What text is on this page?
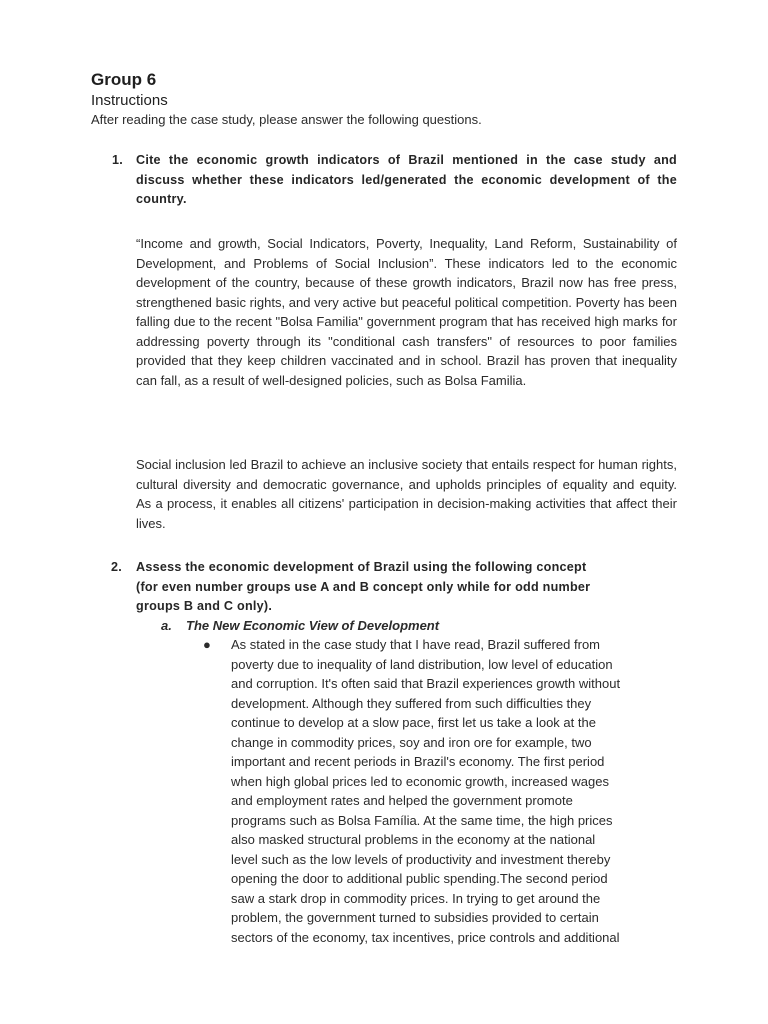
Group 6
Instructions
After reading the case study, please answer the following questions.
1. Cite the economic growth indicators of Brazil mentioned in the case study and discuss whether these indicators led/generated the economic development of the country.

“Income and growth, Social Indicators, Poverty, Inequality, Land Reform, Sustainability of Development, and Problems of Social Inclusion”. These indicators led to the economic development of the country, because of these growth indicators, Brazil now has free press, strengthened basic rights, and very active but peaceful political competition. Poverty has been falling due to the recent "Bolsa Familia" government program that has received high marks for addressing poverty through its "conditional cash transfers" of resources to poor families provided that they keep children vaccinated and in school. Brazil has proven that inequality can fall, as a result of well-designed policies, such as Bolsa Familia.

Social inclusion led Brazil to achieve an inclusive society that entails respect for human rights, cultural diversity and democratic governance, and upholds principles of equality and equity. As a process, it enables all citizens' participation in decision-making activities that affect their lives.

2. Assess the economic development of Brazil using the following concept
(for even number groups use A and B concept only while for odd number
groups B and C only).

a. The New Economic View of Development
● As stated in the case study that I have read, Brazil suffered from
poverty due to inequality of land distribution, low level of education
and corruption. It's often said that Brazil experiences growth without
development. Although they suffered from such difficulties they
continue to develop at a slow pace, first let us take a look at the
change in commodity prices, soy and iron ore for example, two
important and recent periods in Brazil's economy. The first period
when high global prices led to economic growth, increased wages
and employment rates and helped the government promote
programs such as Bolsa Família. At the same time, the high prices
also masked structural problems in the economy at the national
level such as the low levels of productivity and investment thereby
opening the door to additional public spending.The second period
saw a stark drop in commodity prices. In trying to get around the
problem, the government turned to subsidies provided to certain
sectors of the economy, tax incentives, price controls and additional
